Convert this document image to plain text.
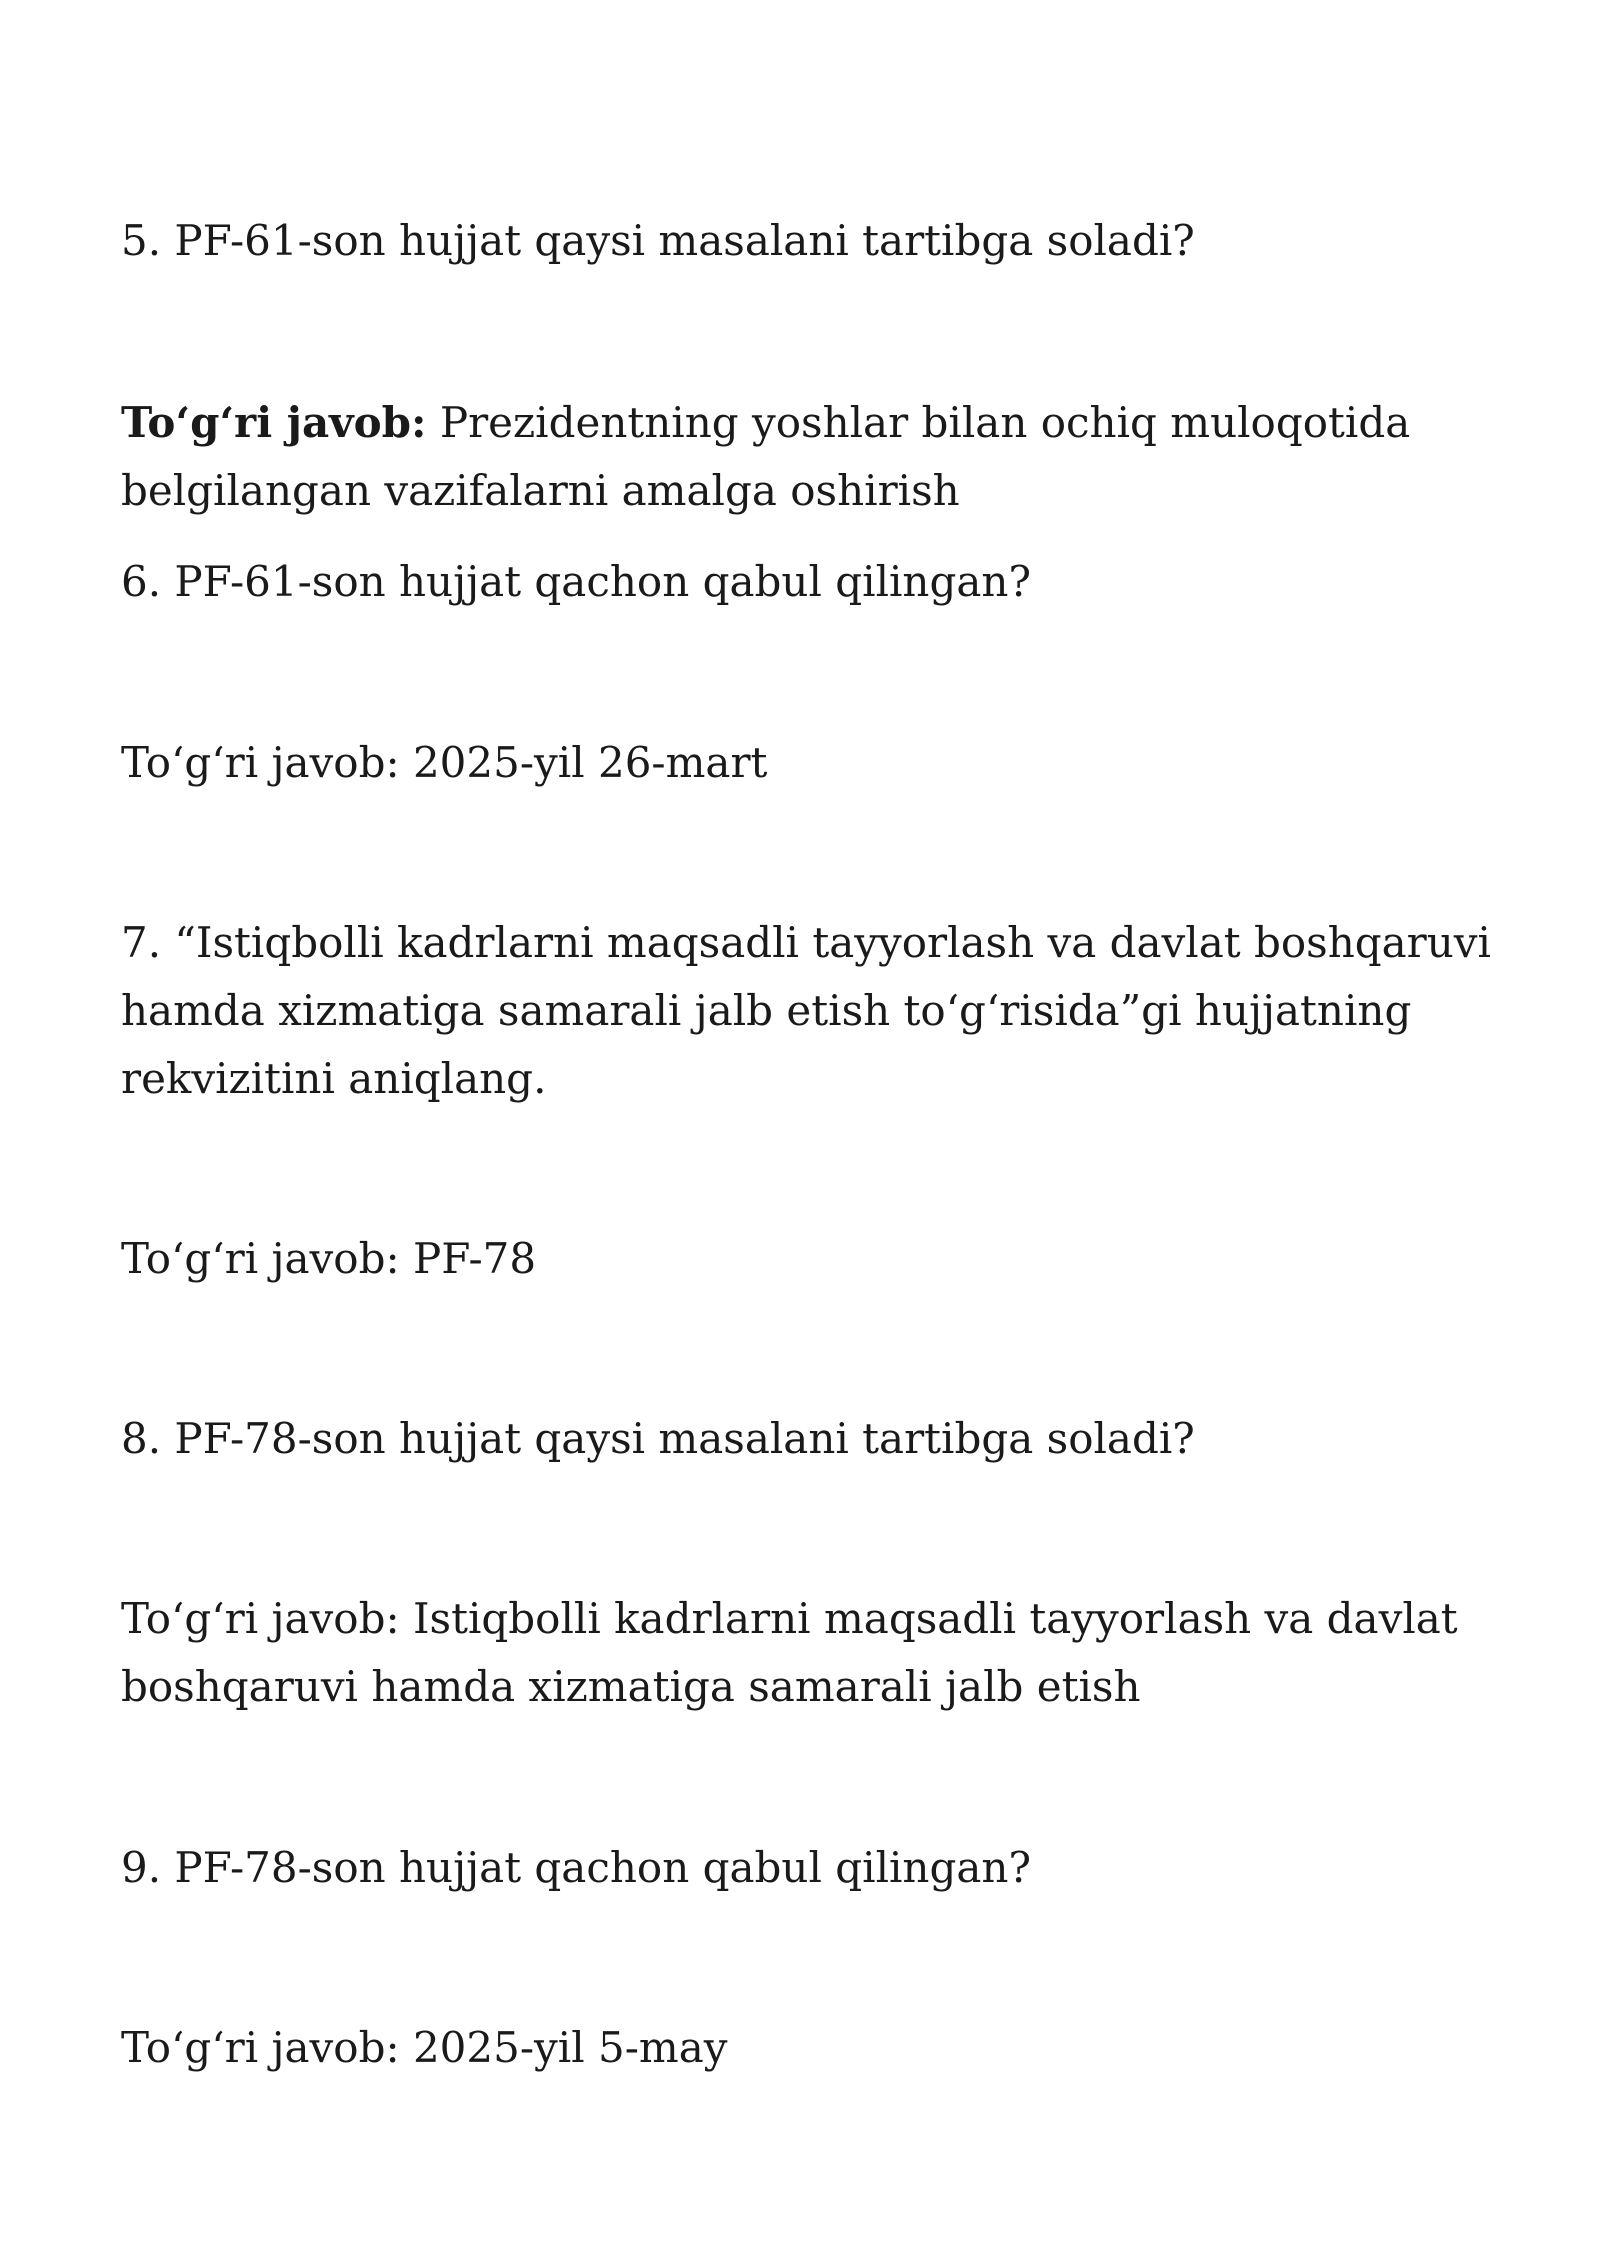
5. PF-61-son hujjat qaysi masalani tartibga soladi?
To‘g‘ri javob: Prezidentning yoshlar bilan ochiq muloqotida
belgilangan vazifalarni amalga oshirish
6. PF-61-son hujjat qachon qabul qilingan?
To‘g‘ri javob: 2025-yil 26-mart
7. “Istiqbolli kadrlarni maqsadli tayyorlash va davlat boshqaruvi
hamda xizmatiga samarali jalb etish to‘g‘risida”gi hujjatning
rekvizitini aniqlang.
To‘g‘ri javob: PF-78
8. PF-78-son hujjat qaysi masalani tartibga soladi?
To‘g‘ri javob: Istiqbolli kadrlarni maqsadli tayyorlash va davlat
boshqaruvi hamda xizmatiga samarali jalb etish
9. PF-78-son hujjat qachon qabul qilingan?
To‘g‘ri javob: 2025-yil 5-may
